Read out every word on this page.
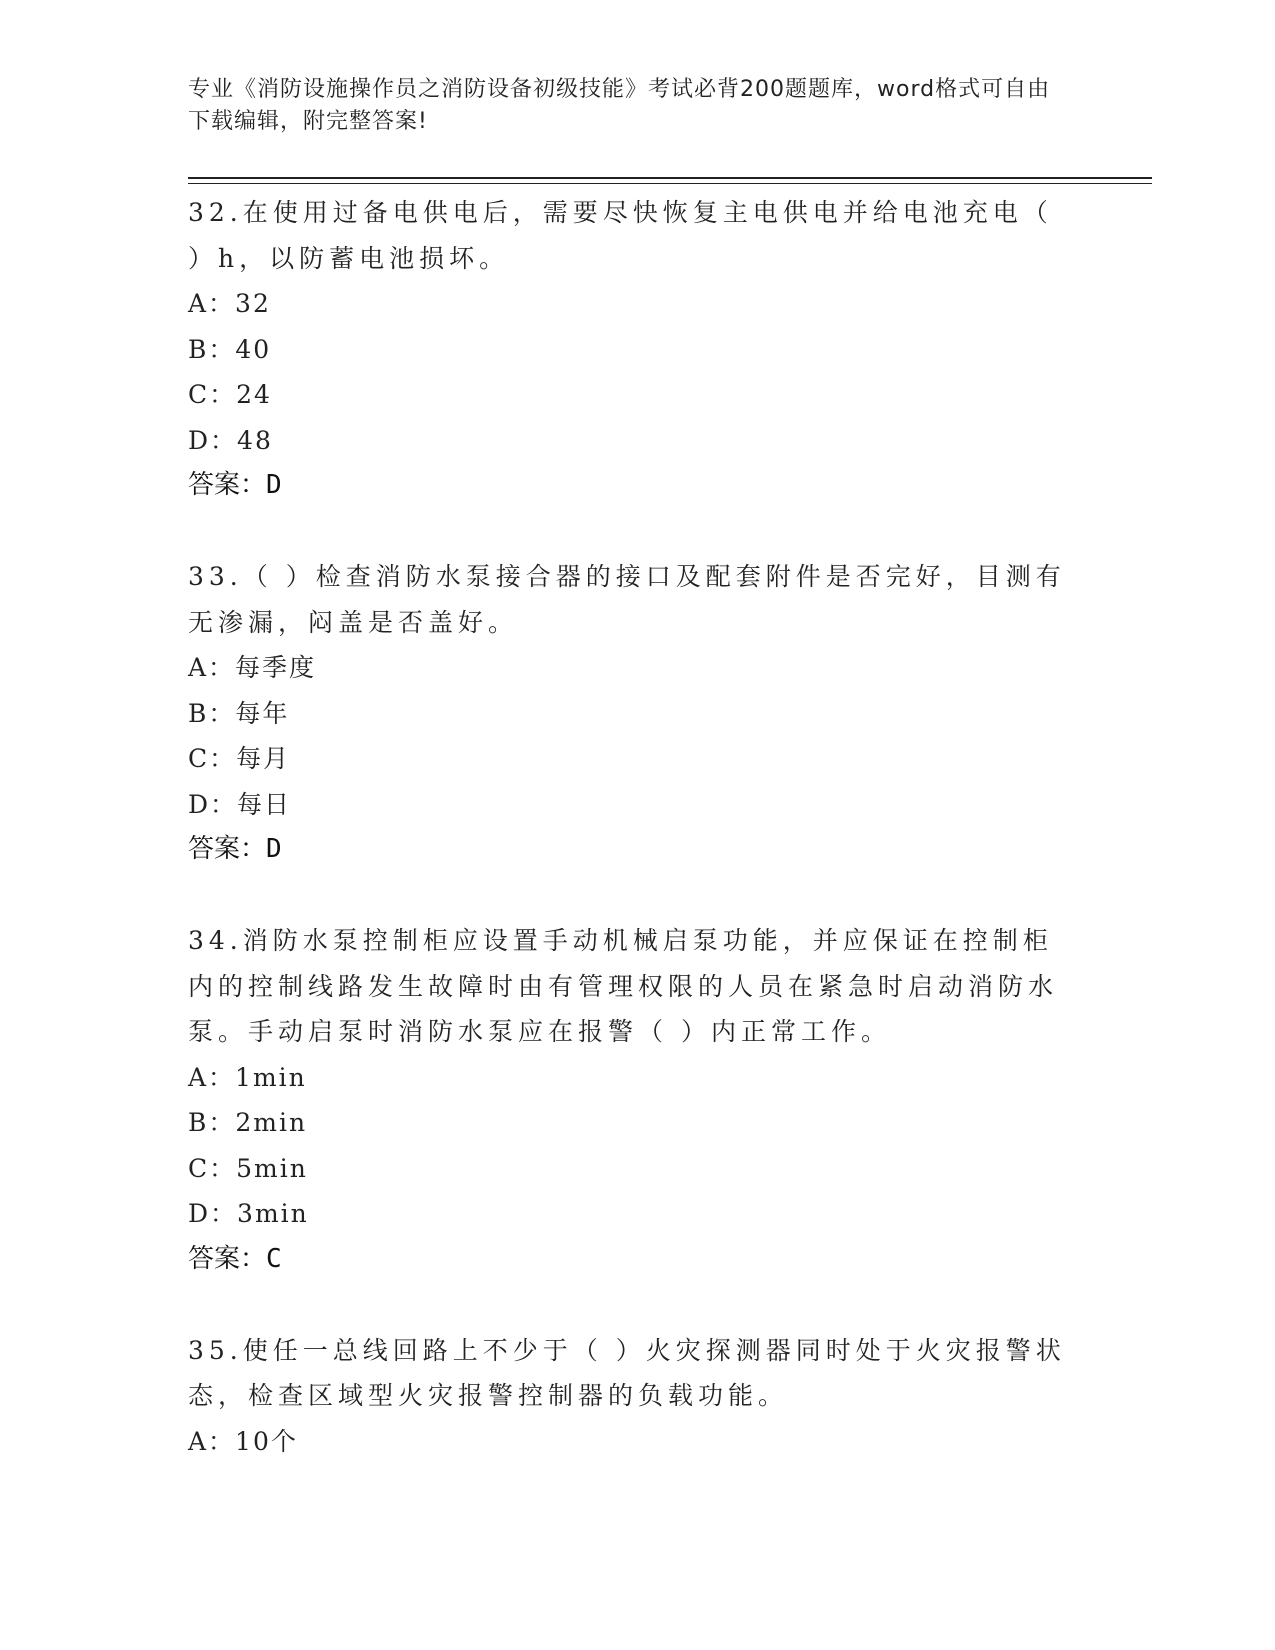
专业《消防设施操作员之消防设备初级技能》考试必背200题题库，word格式可自由下载编辑，附完整答案!
32.在使用过备电供电后，需要尽快恢复主电供电并给电池充电（ ）h，以防蓄电池损坏。
A：32
B：40
C：24
D：48
答案：D
33.（ ）检查消防水泵接合器的接口及配套附件是否完好，目测有无渗漏，闷盖是否盖好。
A：每季度
B：每年
C：每月
D：每日
答案：D
34.消防水泵控制柜应设置手动机械启泵功能，并应保证在控制柜内的控制线路发生故障时由有管理权限的人员在紧急时启动消防水泵。手动启泵时消防水泵应在报警（ ）内正常工作。
A：1min
B：2min
C：5min
D：3min
答案：C
35.使任一总线回路上不少于（ ）火灾探测器同时处于火灾报警状态，检查区域型火灾报警控制器的负载功能。
A：10个
